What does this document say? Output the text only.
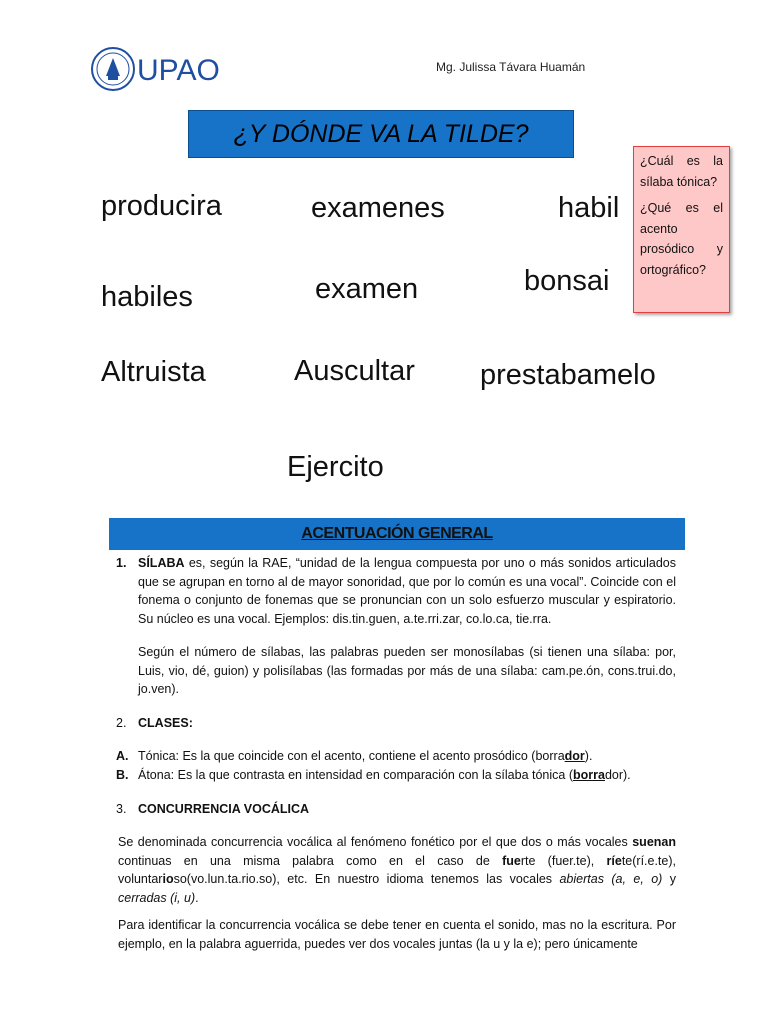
UPAO	Mg. Julissa Távara Huamán
¿Y DÓNDE VA LA TILDE?

¿Cuál es la sílaba tónica?

¿Qué es el acento prosódico y ortográfico?

producira	examenes	habil
habiles	examen	bonsai
Altruista	Auscultar prestabamelo
Ejercito
ACENTUACIÓN GENERAL
1. SÍLABA es, según la RAE, “unidad de la lengua compuesta por uno o más sonidos articulados que se agrupan en torno al de mayor sonoridad, que por lo común es una vocal”. Coincide con el fonema o conjunto de fonemas que se pronuncian con un solo esfuerzo muscular y espiratorio. Su núcleo es una vocal. Ejemplos: dis.tin.guen, a.te.rri.zar, co.lo.ca, tie.rra.
Según el número de sílabas, las palabras pueden ser monosílabas (si tienen una sílaba: por, Luis, vio, dé, guion) y polisílabas (las formadas por más de una sílaba: cam.pe.ón, cons.trui.do, jo.ven).
2. CLASES:
A. Tónica: Es la que coincide con el acento, contiene el acento prosódico (borrador).
B. Átona: Es la que contrasta en intensidad en comparación con la sílaba tónica (borrador).
3. CONCURRENCIA VOCÁLICA
Se denominada concurrencia vocálica al fenómeno fonético por el que dos o más vocales suenan continuas en una misma palabra como en el caso de fuerte (fuer.te), ríete(rí.e.te), voluntarioso(vo.lun.ta.rio.so), etc. En nuestro idioma tenemos las vocales abiertas (a, e, o) y cerradas (i, u).
Para identificar la concurrencia vocálica se debe tener en cuenta el sonido, mas no la escritura. Por ejemplo, en la palabra aguerrida, puedes ver dos vocales juntas (la u y la e); pero únicamente
